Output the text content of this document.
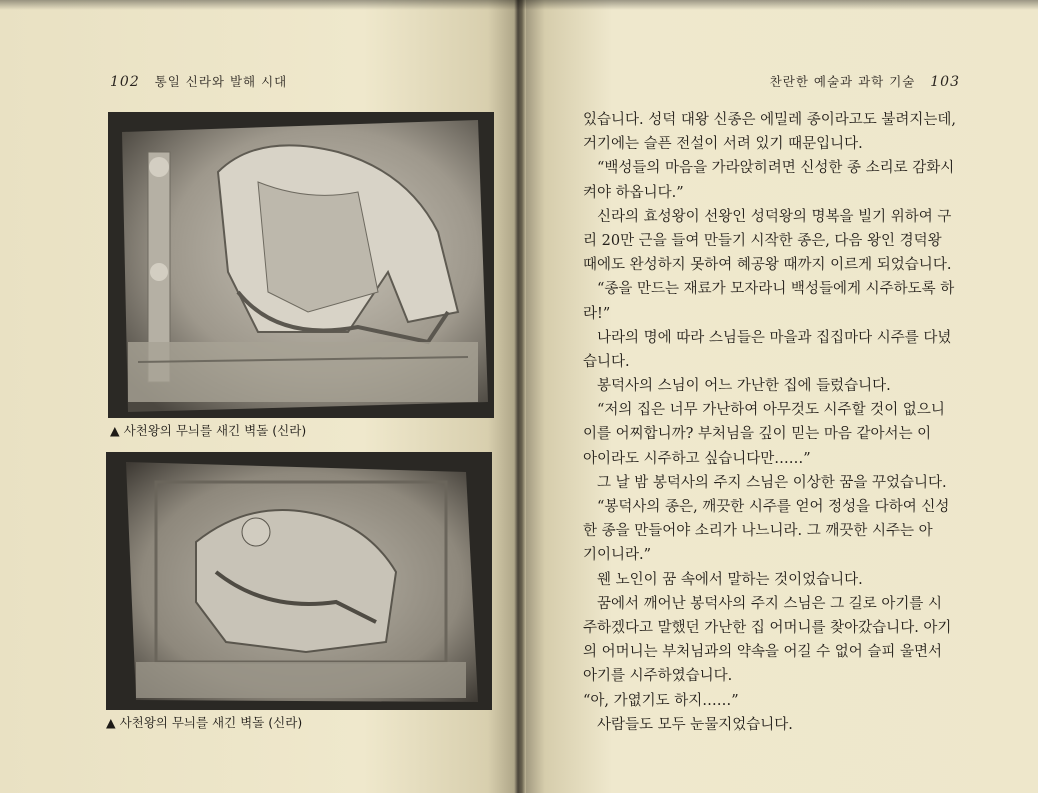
102 통일 신라와 발해 시대
▲ 사천왕의 무늬를 새긴 벽돌 (신라)
▲ 사천왕의 무늬를 새긴 벽돌 (신라)
찬란한 예술과 과학 기술 103
있습니다. 성덕 대왕 신종은 에밀레 종이라고도 불려지는데,
거기에는 슬픈 전설이 서려 있기 때문입니다.
“백성들의 마음을 가라앉히려면 신성한 종 소리로 감화시
켜야 하옵니다.”
신라의 효성왕이 선왕인 성덕왕의 명복을 빌기 위하여 구
리 20만 근을 들여 만들기 시작한 종은, 다음 왕인 경덕왕
때에도 완성하지 못하여 혜공왕 때까지 이르게 되었습니다.
“종을 만드는 재료가 모자라니 백성들에게 시주하도록 하
라!”
나라의 명에 따라 스님들은 마을과 집집마다 시주를 다녔
습니다.
봉덕사의 스님이 어느 가난한 집에 들렀습니다.
“저의 집은 너무 가난하여 아무것도 시주할 것이 없으니
이를 어찌합니까? 부처님을 깊이 믿는 마음 같아서는 이
아이라도 시주하고 싶습니다만……”
그 날 밤 봉덕사의 주지 스님은 이상한 꿈을 꾸었습니다.
“봉덕사의 종은, 깨끗한 시주를 얻어 정성을 다하여 신성
한 종을 만들어야 소리가 나느니라. 그 깨끗한 시주는 아
기이니라.”
웬 노인이 꿈 속에서 말하는 것이었습니다.
꿈에서 깨어난 봉덕사의 주지 스님은 그 길로 아기를 시
주하겠다고 말했던 가난한 집 어머니를 찾아갔습니다. 아기
의 어머니는 부처님과의 약속을 어길 수 없어 슬피 울면서
아기를 시주하였습니다.
“아, 가엾기도 하지……”
사람들도 모두 눈물지었습니다.
